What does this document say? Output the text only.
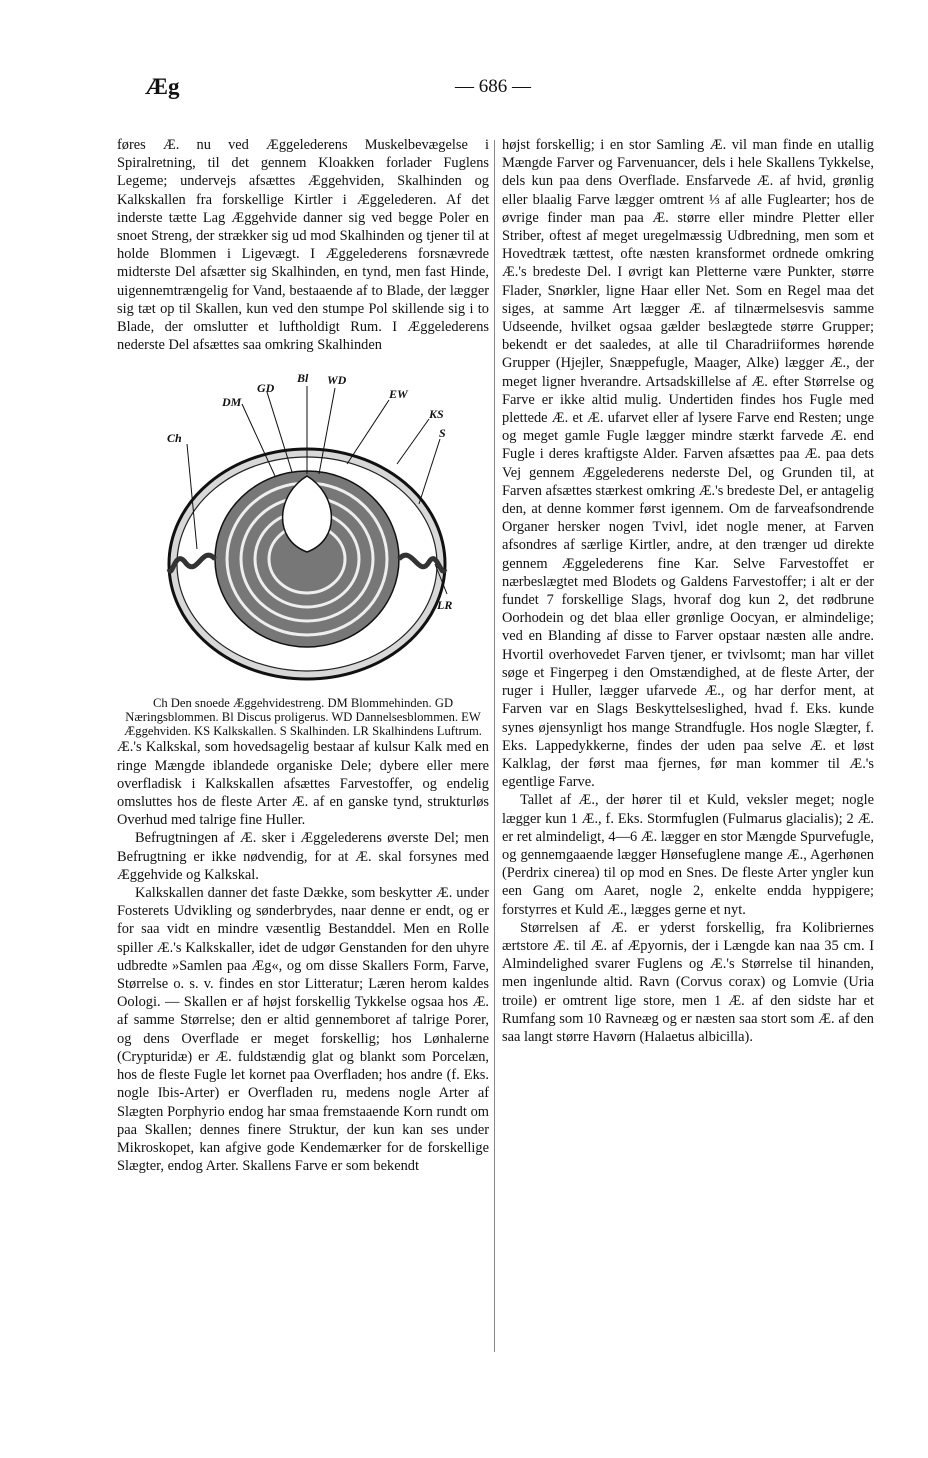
Æg	— 686 —

føres Æ. nu ved Æggelederens Muskelbevægelse i Spiralretning, til det gennem Kloakken forlader Fuglens Legeme; undervejs afsættes Æggehviden, Skalhinden og Kalkskallen fra forskellige Kirtler i Æggelederen. Af det inderste tætte Lag Æggehvide danner sig ved begge Poler en snoet Streng, der strækker sig ud mod Skalhinden og tjener til at holde Blommen i Ligevægt. I Æggelederens forsnævrede midterste Del afsætter sig Skalhinden, en tynd, men fast Hinde, uigennemtrængelig for Vand, bestaaende af to Blade, der lægger sig tæt op til Skallen, kun ved den stumpe Pol skillende sig i to Blade, der omslutter et luftholdigt Rum. I Æggelederens nederste Del afsættes saa omkring Skalhinden

GD
Bl WD
DM
EW
KS
Ch	S
LR

Ch Den snoede Æggehvidestreng. DM Blommehinden. GD Næringsblommen. Bl Discus proligerus. WD Dannelsesblommen. EW Æggehviden. KS Kalkskallen. S Skalhinden. LR Skalhindens Luftrum.

Æ.'s Kalkskal, som hovedsagelig bestaar af kulsur Kalk med en ringe Mængde iblandede organiske Dele; dybere eller mere overfladisk i Kalkskallen afsættes Farvestoffer, og endelig omsluttes hos de fleste Arter Æ. af en ganske tynd, strukturløs Overhud med talrige fine Huller.

Befrugtningen af Æ. sker i Æggelederens øverste Del; men Befrugtning er ikke nødvendig, for at Æ. skal forsynes med Æggehvide og Kalkskal.

Kalkskallen danner det faste Dække, som beskytter Æ. under Fosterets Udvikling og sønderbrydes, naar denne er endt, og er for saa vidt en mindre væsentlig Bestanddel. Men en Rolle spiller Æ.'s Kalkskaller, idet de udgør Genstanden for den uhyre udbredte »Samlen paa Æg«, og om disse Skallers Form, Farve, Størrelse o. s. v. findes en stor Litteratur; Læren herom kaldes Oologi. — Skallen er af højst forskellig Tykkelse ogsaa hos Æ. af samme Størrelse; den er altid gennemboret af talrige Porer, og dens Overflade er meget forskellig; hos Lønhalerne (Crypturidæ) er Æ. fuldstændig glat og blankt som Porcelæn, hos de fleste Fugle let kornet paa Overfladen; hos andre (f. Eks. nogle Ibis-Arter) er Overfladen ru, medens nogle Arter af Slægten Porphyrio endog har smaa fremstaaende Korn rundt om paa Skallen; dennes finere Struktur, der kun kan ses under Mikroskopet, kan afgive gode Kendemærker for de forskellige Slægter, endog Arter. Skallens Farve er som bekendt

højst forskellig; i en stor Samling Æ. vil man finde en utallig Mængde Farver og Farvenuancer, dels i hele Skallens Tykkelse, dels kun paa dens Overflade. Ensfarvede Æ. af hvid, grønlig eller blaalig Farve lægger omtrent ⅓ af alle Fuglearter; hos de øvrige finder man paa Æ. større eller mindre Pletter eller Striber, oftest af meget uregelmæssig Udbredning, men som et Hovedtræk tættest, ofte næsten kransformet ordnede omkring Æ.'s bredeste Del. I øvrigt kan Pletterne være Punkter, større Flader, Snørkler, ligne Haar eller Net. Som en Regel maa det siges, at samme Art lægger Æ. af tilnærmelsesvis samme Udseende, hvilket ogsaa gælder beslægtede større Grupper; bekendt er det saaledes, at alle til Charadriiformes hørende Grupper (Hjejler, Snæppefugle, Maager, Alke) lægger Æ., der meget ligner hverandre. Artsadskillelse af Æ. efter Størrelse og Farve er ikke altid mulig. Undertiden findes hos Fugle med plettede Æ. et Æ. ufarvet eller af lysere Farve end Resten; unge og meget gamle Fugle lægger mindre stærkt farvede Æ. end Fugle i deres kraftigste Alder. Farven afsættes paa Æ. paa dets Vej gennem Æggelederens nederste Del, og Grunden til, at Farven afsættes stærkest omkring Æ.'s bredeste Del, er antagelig den, at denne kommer først igennem. Om de farveafsondrende Organer hersker nogen Tvivl, idet nogle mener, at Farven afsondres af særlige Kirtler, andre, at den trænger ud direkte gennem Æggelederens fine Kar. Selve Farvestoffet er nærbeslægtet med Blodets og Galdens Farvestoffer; i alt er der fundet 7 forskellige Slags, hvoraf dog kun 2, det rødbrune Oorhodein og det blaa eller grønlige Oocyan, er almindelige; ved en Blanding af disse to Farver opstaar næsten alle andre. Hvortil overhovedet Farven tjener, er tvivlsomt; man har villet søge et Fingerpeg i den Omstændighed, at de fleste Arter, der ruger i Huller, lægger ufarvede Æ., og har derfor ment, at Farven var en Slags Beskyttelseslighed, hvad f. Eks. kunde synes øjensynligt hos mange Strandfugle. Hos nogle Slægter, f. Eks. Lappedykkerne, findes der uden paa selve Æ. et løst Kalklag, der først maa fjernes, før man kommer til Æ.'s egentlige Farve.

Tallet af Æ., der hører til et Kuld, veksler meget; nogle lægger kun 1 Æ., f. Eks. Stormfuglen (Fulmarus glacialis); 2 Æ. er ret almindeligt, 4—6 Æ. lægger en stor Mængde Spurvefugle, og gennemgaaende lægger Hønsefuglene mange Æ., Agerhønen (Perdrix cinerea) til op mod en Snes. De fleste Arter yngler kun een Gang om Aaret, nogle 2, enkelte endda hyppigere; forstyrres et Kuld Æ., lægges gerne et nyt.

Størrelsen af Æ. er yderst forskellig, fra Kolibriernes ærtstore Æ. til Æ. af Æpyornis, der i Længde kan naa 35 cm. I Almindelighed svarer Fuglens og Æ.'s Størrelse til hinanden, men ingenlunde altid. Ravn (Corvus corax) og Lomvie (Uria troile) er omtrent lige store, men 1 Æ. af den sidste har et Rumfang som 10 Ravneæg og er næsten saa stort som Æ. af den saa langt større Havørn (Halaetus albicilla).
